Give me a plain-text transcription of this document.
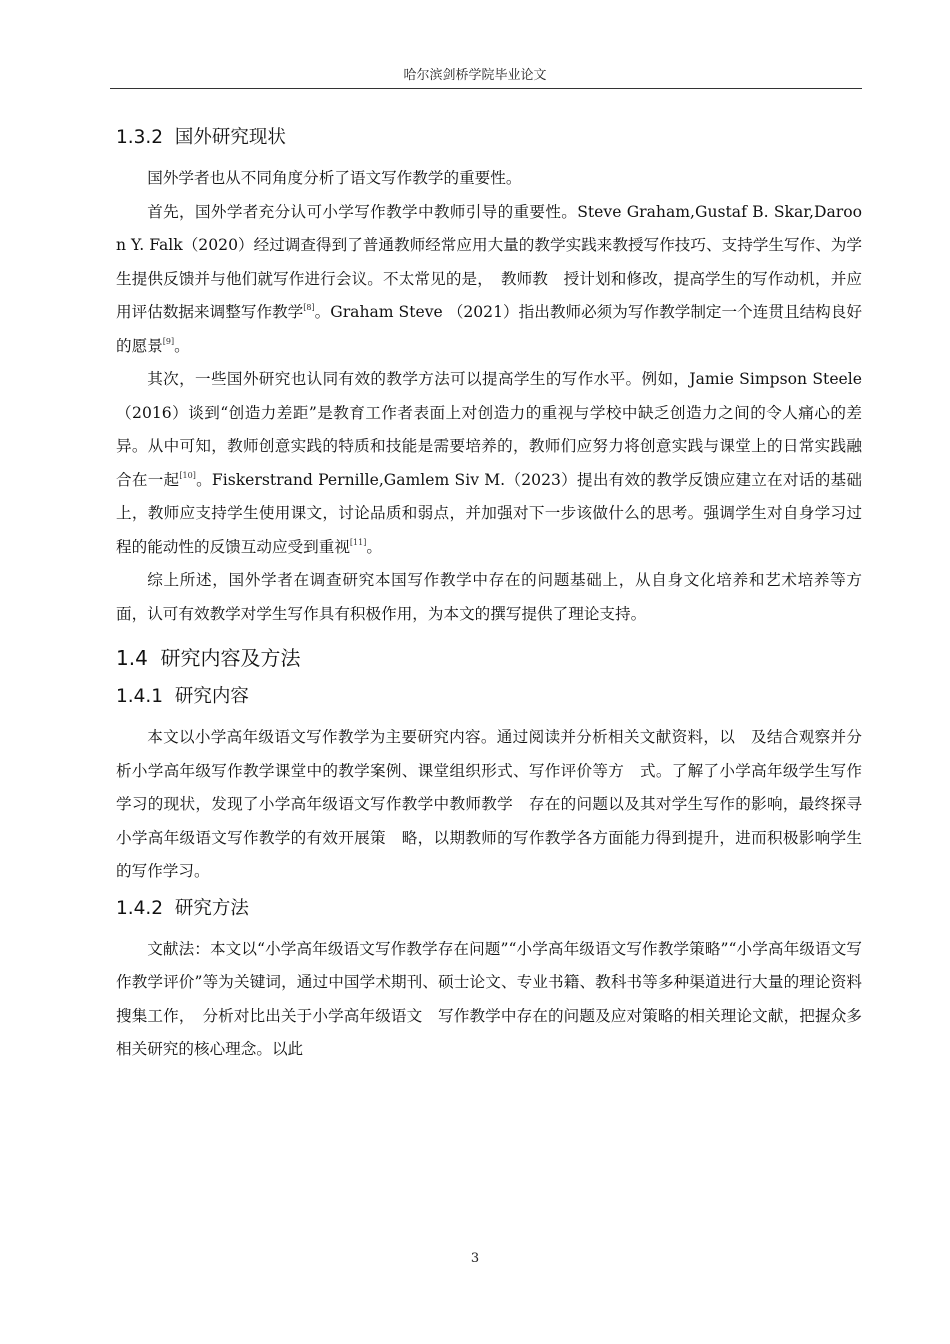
哈尔滨剑桥学院毕业论文
1.3.2  国外研究现状

国外学者也从不同角度分析了语文写作教学的重要性。

首先，国外学者充分认可小学写作教学中教师引导的重要性。Steve Graham,Gustaf B. Skar,Daroon Y. Falk（2020）经过调查得到了普通教师经常应用大量的教学实践来教授写作技巧、支持学生写作、为学生提供反馈并与他们就写作进行会议。不太常见的是，　教师教　授计划和修改，提高学生的写作动机，并应用评估数据来调整写作教学[8]。Graham Steve （2021）指出教师必须为写作教学制定一个连贯且结构良好的愿景[9]。

其次，一些国外研究也认同有效的教学方法可以提高学生的写作水平。例如，Jamie Simpson Steele（2016）谈到“创造力差距”是教育工作者表面上对创造力的重视与学校中缺乏创造力之间的令人痛心的差异。从中可知，教师创意实践的特质和技能是需要培养的，教师们应努力将创意实践与课堂上的日常实践融合在一起[10]。Fiskerstrand Pernille,Gamlem Siv M.（2023）提出有效的教学反馈应建立在对话的基础上，教师应支持学生使用课文，讨论品质和弱点，并加强对下一步该做什么的思考。强调学生对自身学习过程的能动性的反馈互动应受到重视[11]。

综上所述，国外学者在调查研究本国写作教学中存在的问题基础上，从自身文化培养和艺术培养等方面，认可有效教学对学生写作具有积极作用，为本文的撰写提供了理论支持。

1.4  研究内容及方法
1.4.1  研究内容

本文以小学高年级语文写作教学为主要研究内容。通过阅读并分析相关文献资料，以　及结合观察并分析小学高年级写作教学课堂中的教学案例、课堂组织形式、写作评价等方　式。了解了小学高年级学生写作学习的现状，发现了小学高年级语文写作教学中教师教学　存在的问题以及其对学生写作的影响，最终探寻小学高年级语文写作教学的有效开展策　略，以期教师的写作教学各方面能力得到提升，进而积极影响学生的写作学习。

1.4.2  研究方法

文献法：本文以“小学高年级语文写作教学存在问题”“小学高年级语文写作教学策略”“小学高年级语文写作教学评价”等为关键词，通过中国学术期刊、硕士论文、专业书籍、教科书等多种渠道进行大量的理论资料搜集工作，　分析对比出关于小学高年级语文　写作教学中存在的问题及应对策略的相关理论文献，把握众多相关研究的核心理念。以此

3
